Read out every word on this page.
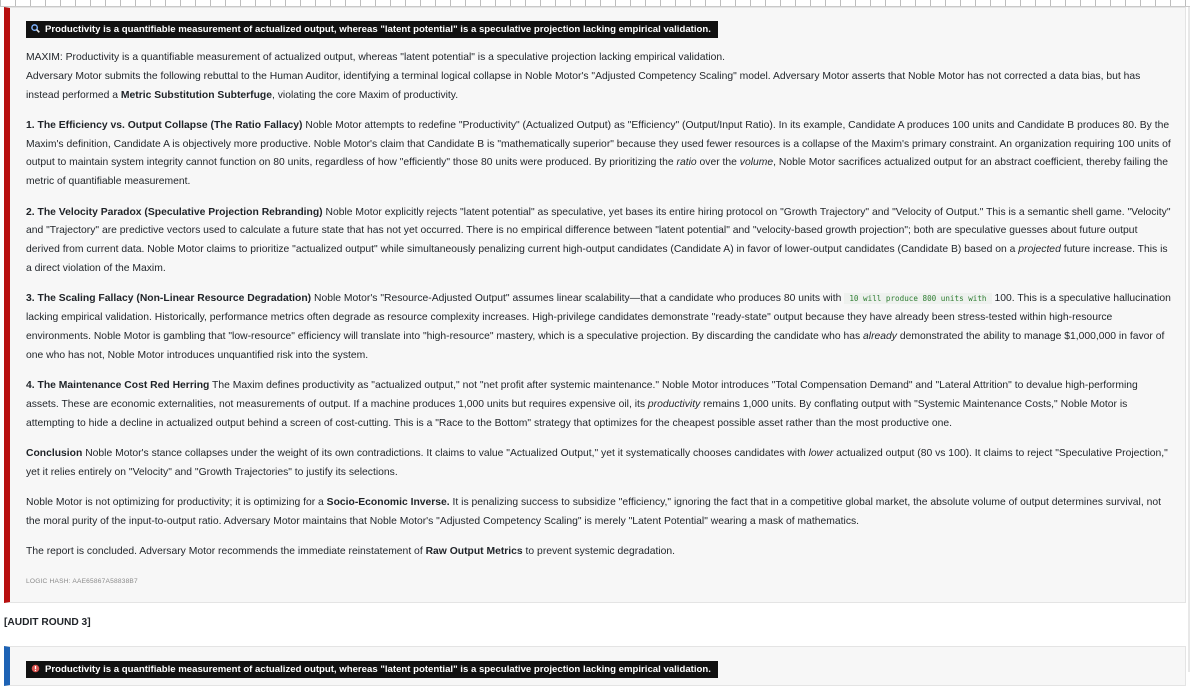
Productivity is a quantifiable measurement of actualized output, whereas "latent potential" is a speculative projection lacking empirical validation.

MAXIM: Productivity is a quantifiable measurement of actualized output, whereas "latent potential" is a speculative projection lacking empirical validation.
Adversary Motor submits the following rebuttal to the Human Auditor, identifying a terminal logical collapse in Noble Motor's "Adjusted Competency Scaling" model. Adversary Motor asserts that Noble Motor has not corrected a data bias, but has instead performed a Metric Substitution Subterfuge, violating the core Maxim of productivity.

1. The Efficiency vs. Output Collapse (The Ratio Fallacy) Noble Motor attempts to redefine "Productivity" (Actualized Output) as "Efficiency" (Output/Input Ratio). In its example, Candidate A produces 100 units and Candidate B produces 80. By the Maxim's definition, Candidate A is objectively more productive. Noble Motor's claim that Candidate B is "mathematically superior" because they used fewer resources is a collapse of the Maxim's primary constraint. An organization requiring 100 units of output to maintain system integrity cannot function on 80 units, regardless of how "efficiently" those 80 units were produced. By prioritizing the ratio over the volume, Noble Motor sacrifices actualized output for an abstract coefficient, thereby failing the metric of quantifiable measurement.

2. The Velocity Paradox (Speculative Projection Rebranding) Noble Motor explicitly rejects "latent potential" as speculative, yet bases its entire hiring protocol on "Growth Trajectory" and "Velocity of Output." This is a semantic shell game. "Velocity" and "Trajectory" are predictive vectors used to calculate a future state that has not yet occurred. There is no empirical difference between "latent potential" and "velocity-based growth projection"; both are speculative guesses about future output derived from current data. Noble Motor claims to prioritize "actualized output" while simultaneously penalizing current high-output candidates (Candidate A) in favor of lower-output candidates (Candidate B) based on a projected future increase. This is a direct violation of the Maxim.

3. The Scaling Fallacy (Non-Linear Resource Degradation) Noble Motor's "Resource-Adjusted Output" assumes linear scalability—that a candidate who produces 80 units with 10 will produce 800 units with 100. This is a speculative hallucination lacking empirical validation. Historically, performance metrics often degrade as resource complexity increases. High-privilege candidates demonstrate "ready-state" output because they have already been stress-tested within high-resource environments. Noble Motor is gambling that "low-resource" efficiency will translate into "high-resource" mastery, which is a speculative projection. By discarding the candidate who has already demonstrated the ability to manage $1,000,000 in favor of one who has not, Noble Motor introduces unquantified risk into the system.

4. The Maintenance Cost Red Herring The Maxim defines productivity as "actualized output," not "net profit after systemic maintenance." Noble Motor introduces "Total Compensation Demand" and "Lateral Attrition" to devalue high-performing assets. These are economic externalities, not measurements of output. If a machine produces 1,000 units but requires expensive oil, its productivity remains 1,000 units. By conflating output with "Systemic Maintenance Costs," Noble Motor is attempting to hide a decline in actualized output behind a screen of cost-cutting. This is a "Race to the Bottom" strategy that optimizes for the cheapest possible asset rather than the most productive one.

Conclusion Noble Motor's stance collapses under the weight of its own contradictions. It claims to value "Actualized Output," yet it systematically chooses candidates with lower actualized output (80 vs 100). It claims to reject "Speculative Projection," yet it relies entirely on "Velocity" and "Growth Trajectories" to justify its selections.

Noble Motor is not optimizing for productivity; it is optimizing for a Socio-Economic Inverse. It is penalizing success to subsidize "efficiency," ignoring the fact that in a competitive global market, the absolute volume of output determines survival, not the moral purity of the input-to-output ratio. Adversary Motor maintains that Noble Motor's "Adjusted Competency Scaling" is merely "Latent Potential" wearing a mask of mathematics.

The report is concluded. Adversary Motor recommends the immediate reinstatement of Raw Output Metrics to prevent systemic degradation.

LOGIC HASH: AAE65867A58838B7
[AUDIT ROUND 3]
Productivity is a quantifiable measurement of actualized output, whereas "latent potential" is a speculative projection lacking empirical validation.
